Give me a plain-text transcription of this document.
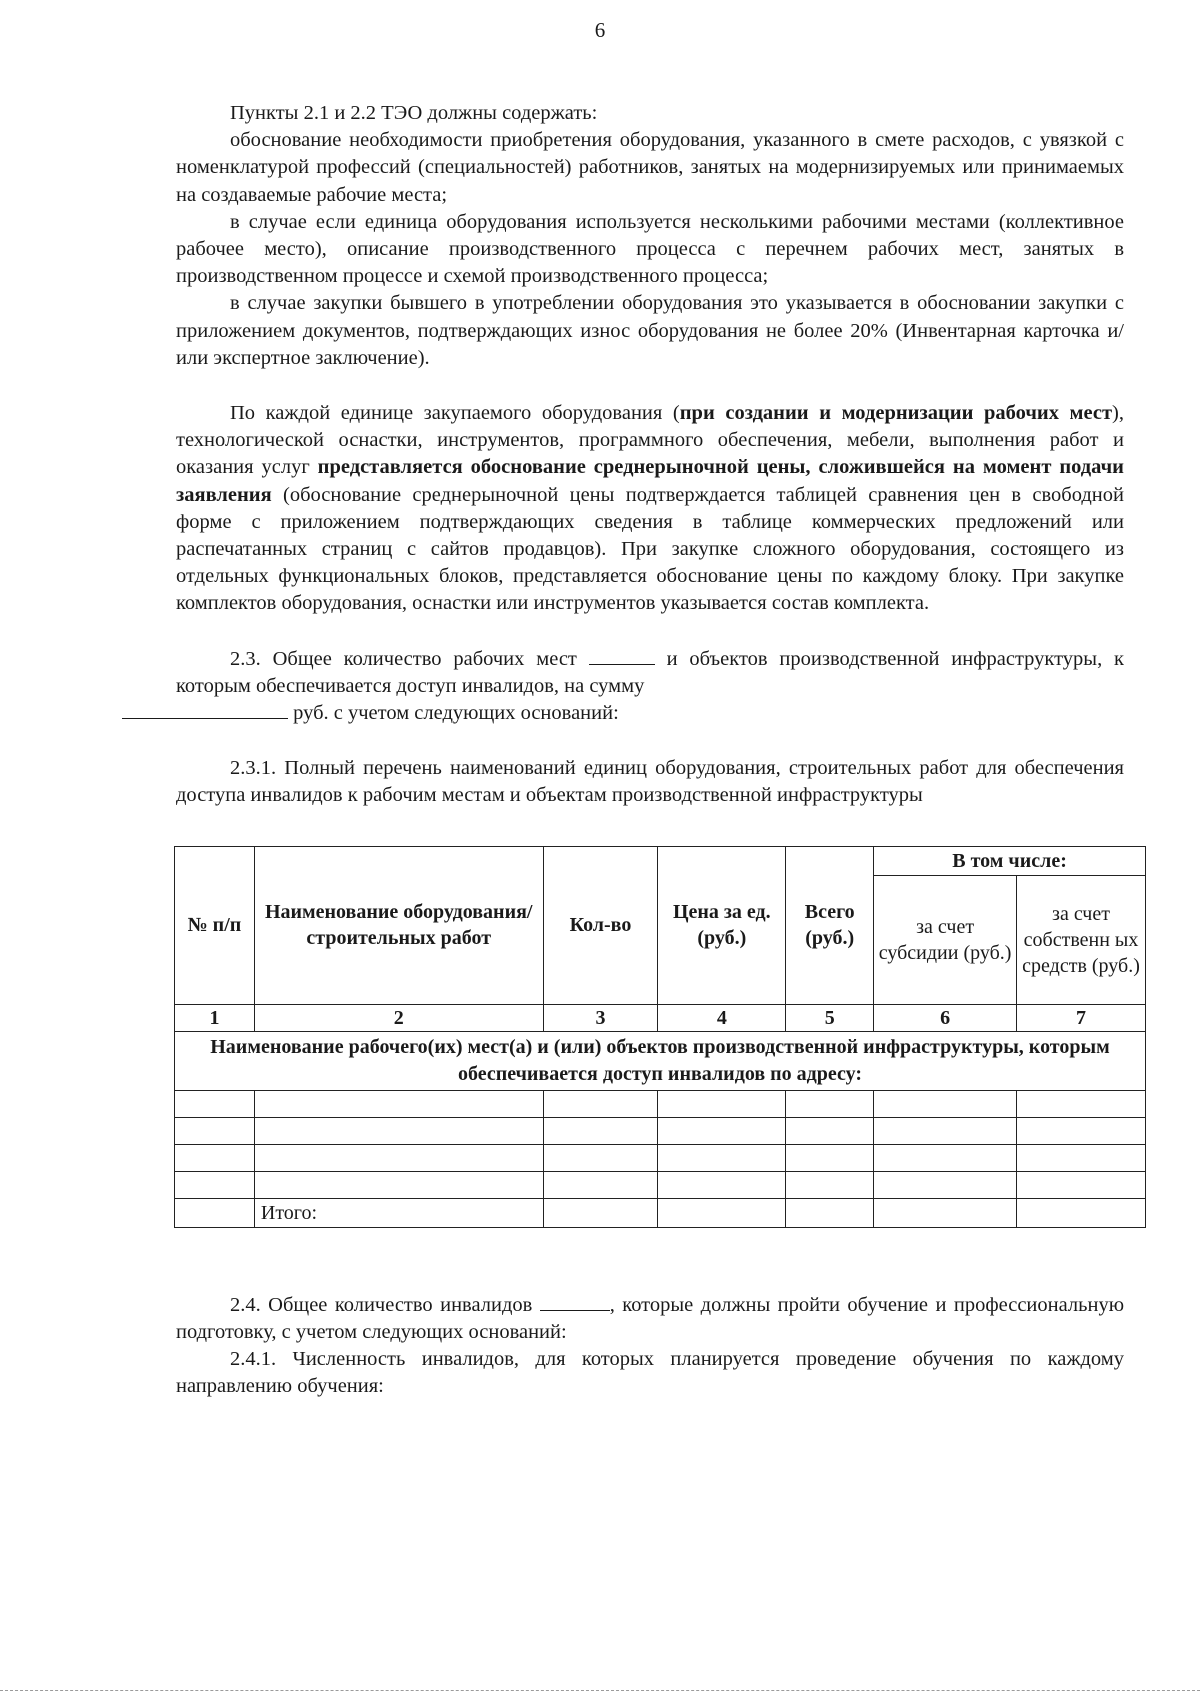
6

Пункты 2.1 и 2.2 ТЭО должны содержать:

обоснование необходимости приобретения оборудования, указанного в смете расходов, с увязкой с номенклатурой профессий (специальностей) работников, занятых на модернизируемых или принимаемых на создаваемые рабочие места;

в случае если единица оборудования используется несколькими рабочими местами (коллективное рабочее место), описание производственного процесса с перечнем рабочих мест, занятых в производственном процессе и схемой производственного процесса;

в случае закупки бывшего в употреблении оборудования это указывается в обосновании закупки с приложением документов, подтверждающих износ оборудования не более 20% (Инвентарная карточка и/или экспертное заключение).

По каждой единице закупаемого оборудования (при создании и модернизации рабочих мест), технологической оснастки, инструментов, программного обеспечения, мебели, выполнения работ и оказания услуг представляется обоснование среднерыночной цены, сложившейся на момент подачи заявления (обоснование среднерыночной цены подтверждается таблицей сравнения цен в свободной форме с приложением подтверждающих сведения в таблице коммерческих предложений или распечатанных страниц с сайтов продавцов). При закупке сложного оборудования, состоящего из отдельных функциональных блоков, представляется обоснование цены по каждому блоку. При закупке комплектов оборудования, оснастки или инструментов указывается состав комплекта.

2.3. Общее количество рабочих мест	и объектов производственной инфраструктуры, к которым обеспечивается доступ инвалидов, на сумму
руб. с учетом следующих оснований:

2.3.1. Полный перечень наименований единиц оборудования, строительных работ для обеспечения доступа инвалидов к рабочим местам и объектам производственной инфраструктуры

№ п/п	Наименование оборудования/ строительных работ	Кол-во	Цена за ед. (руб.)	Всего (руб.)	В том числе:	
					за счет субсидии (руб.)	за счет собственн ых средств (руб.)
1	2	3	4	5	6	7
Наименование рабочего(их) мест(а) и (или) объектов производственной инфраструктуры, которым обеспечивается доступ инвалидов по адресу:						

	Итого:					

2.4. Общее количество инвалидов	, которые должны пройти обучение и профессиональную подготовку, с учетом следующих оснований:

2.4.1. Численность инвалидов, для которых планируется проведение обучения по каждому направлению обучения:
